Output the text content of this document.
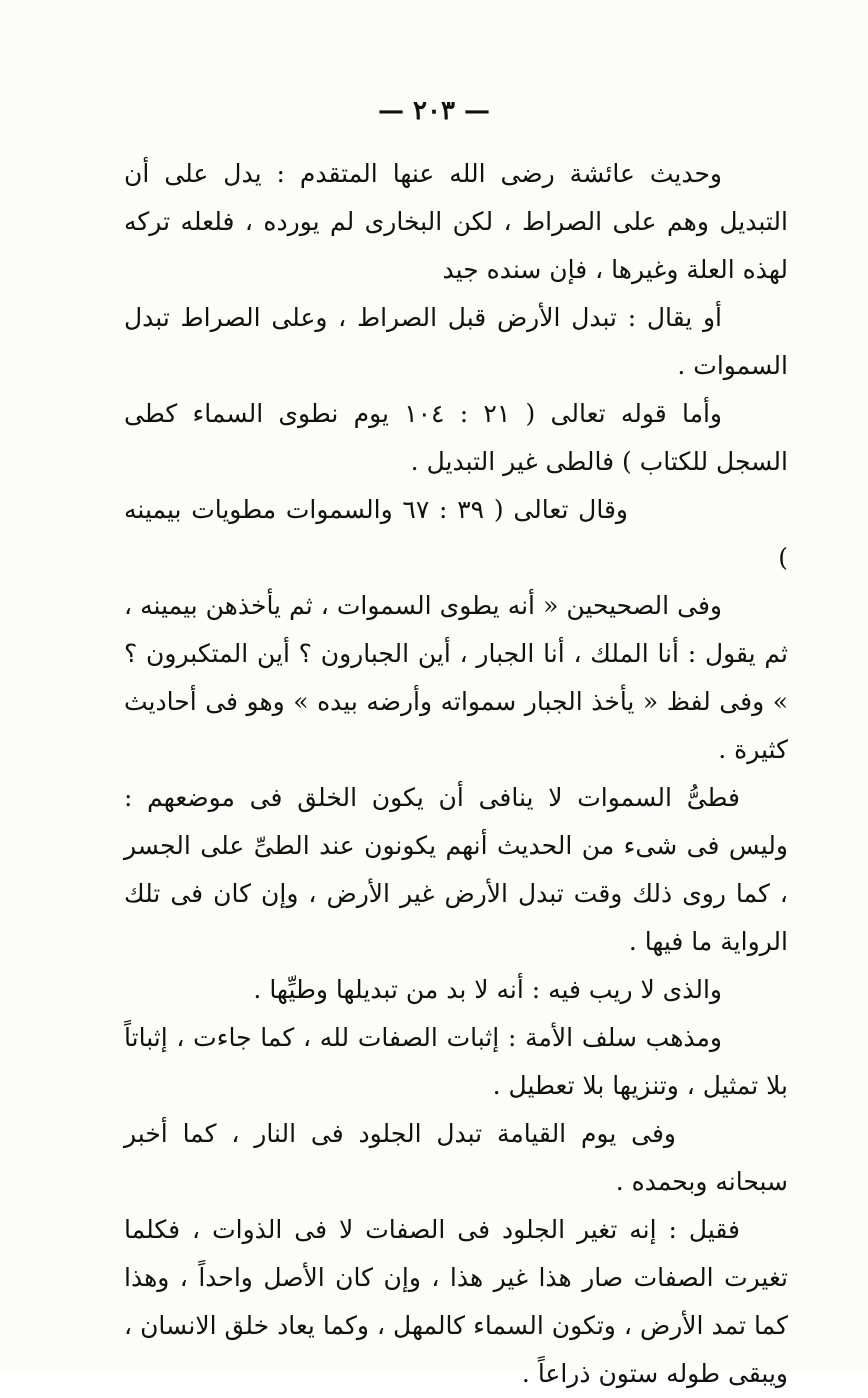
— ٢٠٣ —

وحديث عائشة رضى الله عنها المتقدم : يدل على أن التبديل وهم على الصراط ، لكن البخارى لم يورده ، فلعله تركه لهذه العلة وغيرها ، فإن سنده جيد

أو يقال : تبدل الأرض قبل الصراط ، وعلى الصراط تبدل السموات .

وأما قوله تعالى ( ٢١ : ١٠٤ يوم نطوى السماء كطى السجل للكتاب ) فالطى غير التبديل .

وقال تعالى ( ٣٩ : ٦٧ والسموات مطويات بيمينه )

وفى الصحيحين « أنه يطوى السموات ، ثم يأخذهن بيمينه ، ثم يقول : أنا الملك ، أنا الجبار ، أين الجبارون ؟ أين المتكبرون ؟ » وفى لفظ « يأخذ الجبار سمواته وأرضه بيده » وهو فى أحاديث كثيرة .

فطىُّ السموات لا ينافى أن يكون الخلق فى موضعهم : وليس فى شىء من الحديث أنهم يكونون عند الطىِّ على الجسر ، كما روى ذلك وقت تبدل الأرض غير الأرض ، وإن كان فى تلك الرواية ما فيها .

والذى لا ريب فيه : أنه لا بد من تبديلها وطيِّها .

ومذهب سلف الأمة : إثبات الصفات لله ، كما جاءت ، إثباتاً بلا تمثيل ، وتنزيها بلا تعطيل .

وفى يوم القيامة تبدل الجلود فى النار ، كما أخبر سبحانه وبحمده .

فقيل : إنه تغير الجلود فى الصفات لا فى الذوات ، فكلما تغيرت الصفات صار هذا غير هذا ، وإن كان الأصل واحداً ، وهذا كما تمد الأرض ، وتكون السماء كالمهل ، وكما يعاد خلق الانسان ، ويبقى طوله ستون ذراعاً .
